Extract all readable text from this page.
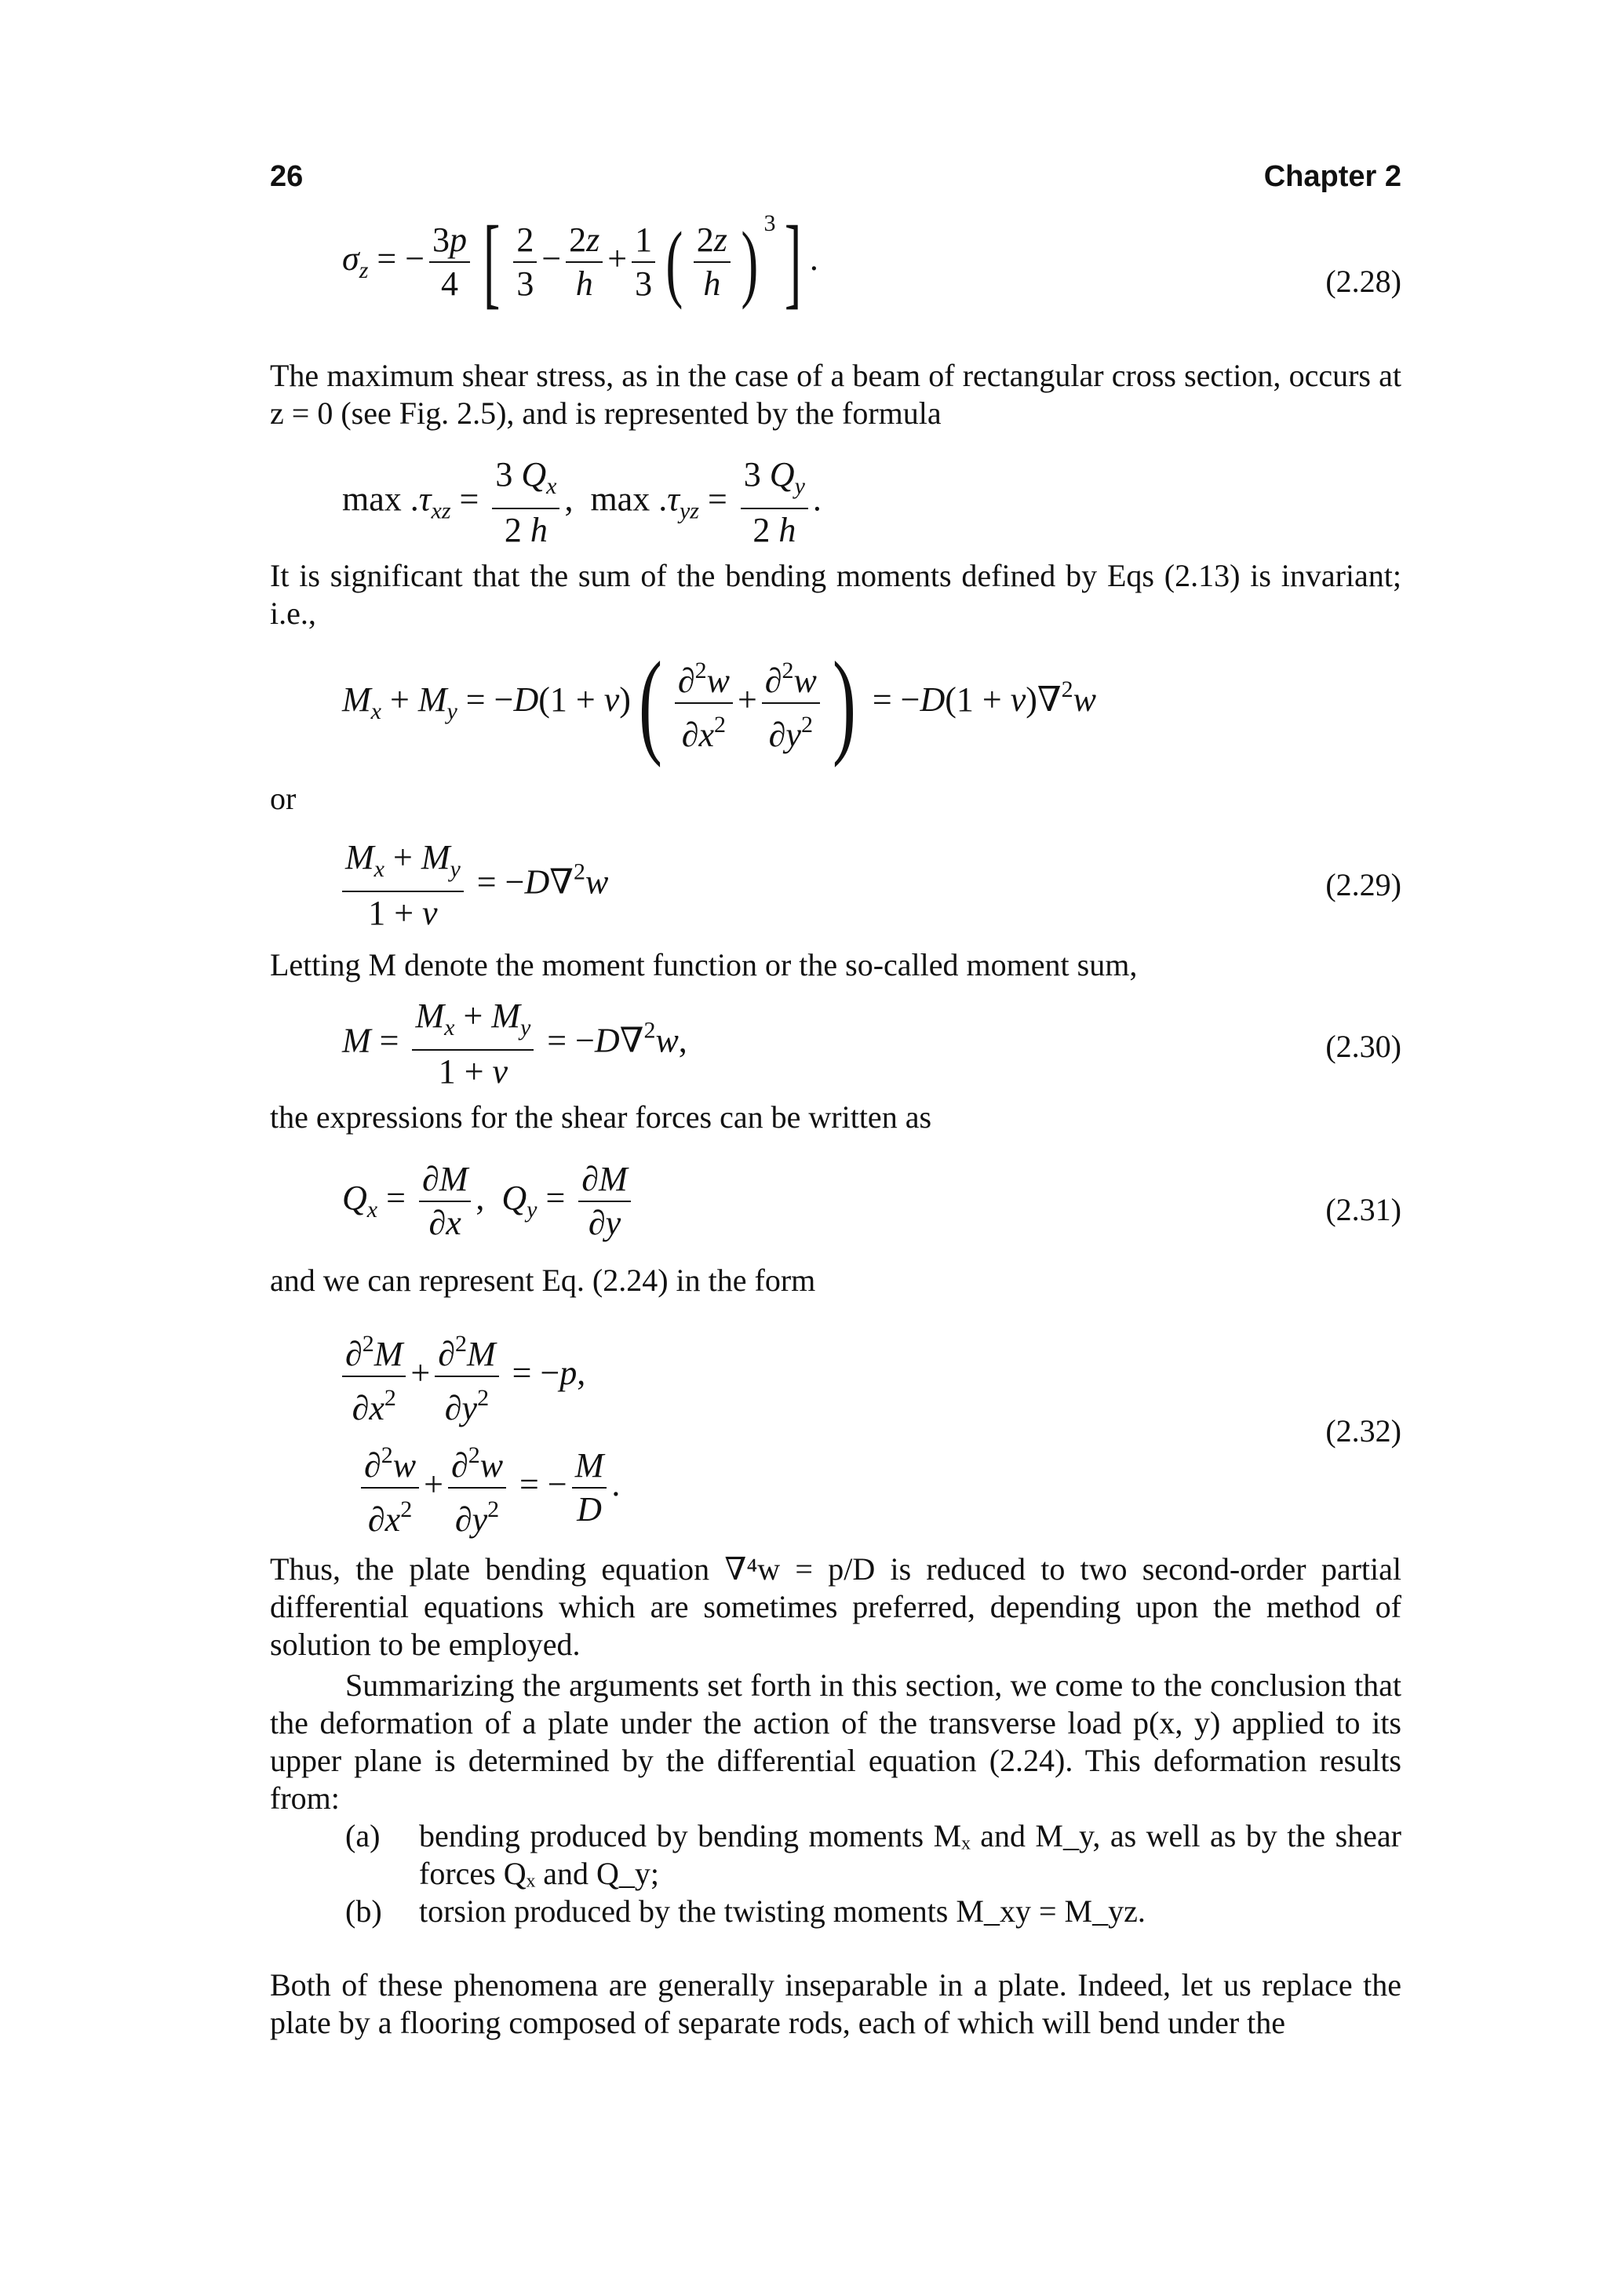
26	Chapter 2
$\sigma_z$ = − $\frac{3p}{4}$ [ $\frac{2}{3} - \frac{2z}{h} + \frac{1}{3}$ ( $\frac{2z}{h}$ ) $^3$] .
(2.28)
The maximum shear stress, as in the case of a beam of rectangular cross section, occurs at z = 0 (see Fig. 2.5), and is represented by the formula
$\max .\tau_{xz} = \frac{3 Q_x}{2 h}$ ,  $\max .\tau_{yz} = \frac{3 Q_y}{2 h}$ .
It is significant that the sum of the bending moments defined by Eqs (2.13) is invariant; i.e.,
$M_x + M_y = -D(1 + \nu)( \frac{\partial^2w}{\partial x^2} + \frac{\partial^2w}{\partial y^2}$ ) = −D(1 + ν)∇$^2$w
or
$\frac{M_x + M_y}{1 + \nu} = -D\nabla^2w$	(2.29)
Letting M denote the moment function or the so-called moment sum,
$M = \frac{M_x + M_y}{1 + \nu} = -D\nabla^2w$,	(2.30)
the expressions for the shear forces can be written as
$Q_x = \frac{\partial M}{\partial x}$ ,  $Q_y = \frac{\partial M}{\partial y}$	(2.31)
and we can represent Eq. (2.24) in the form
$\frac{\partial^2M}{\partial x^2} + \frac{\partial^2M}{\partial y^2} = -p$,
$\frac{\partial^2w}{\partial x^2} + \frac{\partial^2w}{\partial y^2}$ = − $\frac{M}{D}$ .
(2.32)
Thus, the plate bending equation ∇⁴w = p/D is reduced to two second-order partial differential equations which are sometimes preferred, depending upon the method of solution to be employed.
Summarizing the arguments set forth in this section, we come to the conclusion that the deformation of a plate under the action of the transverse load p(x, y) applied to its upper plane is determined by the differential equation (2.24). This deformation results from:
(a) bending produced by bending moments Mₓ and M_y, as well as by the shear forces Qₓ and Q_y;
(b) torsion produced by the twisting moments M_xy = M_yz.
Both of these phenomena are generally inseparable in a plate. Indeed, let us replace the plate by a flooring composed of separate rods, each of which will bend under the
